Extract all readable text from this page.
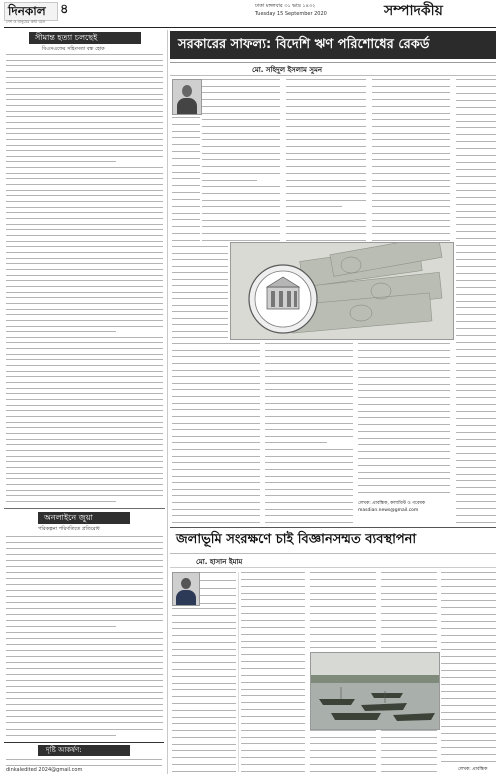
দিনকাল ৪
দেশ ও মানুষের কথা বলে
ঢাকা মঙ্গলবার ৩১ ভাদ্র ১৪৩২
Tuesday 15 September 2020	সম্পাদকীয়
সীমান্ত হত্যা চলছেই
বিএসএফের সহিংসতা বন্ধ হোক
অনলাইনে জুয়া
পরিকল্পনা পরিণতিতে প্রতিরোধ
দৃষ্টি আকর্ষণ:
dinkaledited 2024@gmail.com
সরকারের সাফল্য: বিদেশি ঋণ পরিশোধের রেকর্ড
মো. সহিদুল ইসলাম সুমন
লেখক: প্রাবন্ধিক, কলামিস্ট ও গবেষক
masdian.news@gmail.com
জলাভূমি সংরক্ষণে চাই বিজ্ঞানসম্মত ব্যবস্থাপনা
মো. হাসান ইমাম
লেখক: প্রাবন্ধিক
